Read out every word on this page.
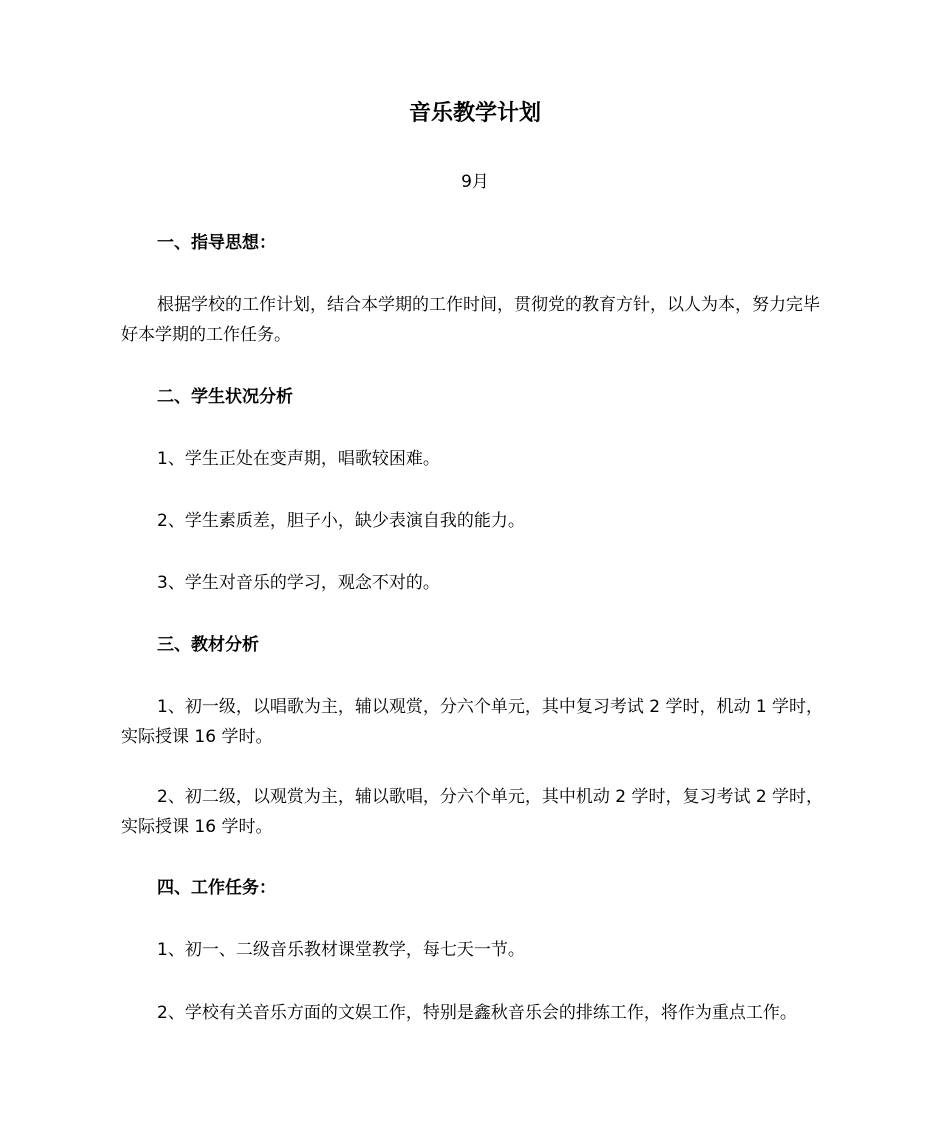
音乐教学计划
9月
一、指导思想：
根据学校的工作计划，结合本学期的工作时间，贯彻党的教育方针，以人为本，努力完毕好本学期的工作任务。
二、学生状况分析
1、学生正处在变声期，唱歌较困难。
2、学生素质差，胆子小，缺少表演自我的能力。
3、学生对音乐的学习，观念不对的。
三、教材分析
1、初一级，以唱歌为主，辅以观赏，分六个单元，其中复习考试 2 学时，机动 1 学时，实际授课 16 学时。
2、初二级，以观赏为主，辅以歌唱，分六个单元，其中机动 2 学时，复习考试 2 学时，实际授课 16 学时。
四、工作任务：
1、初一、二级音乐教材课堂教学，每七天一节。
2、学校有关音乐方面的文娱工作，特别是鑫秋音乐会的排练工作，将作为重点工作。
